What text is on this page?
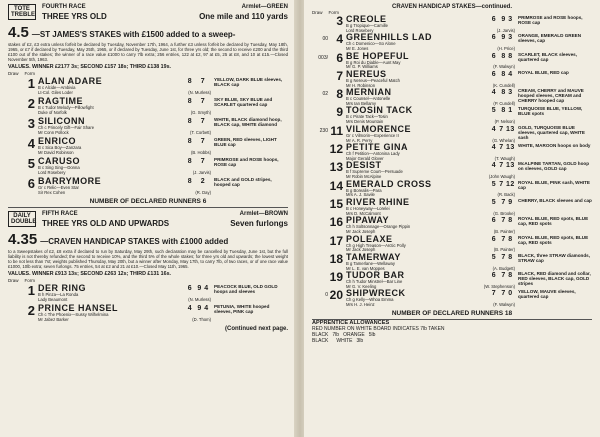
TOTE TREBLE
FOURTH RACE	Armlet—GREEN
THREE YRS OLD	One mile and 110 yards
4.5 —ST JAMES'S STAKES with £1500 added to a sweep-
stakes of £2, £3 extra unless forfeit be declared by Tuesday, November 17th, 1964, a further £3 unless forfeit be declared by Tuesday, May 18th, 1965, or £7 if declared by Tuesday, May 25th, 1965, or if declared by Tuesday, June 1st, for three yrs old; the second to receive £200 and the third £100 out of the stakes; the winner of a race value £1000 to carry 7lb extra; 256 entries, 122 at £2, 97 at £5, 25 at £8, and 10 at £15.—Closed November 5th, 1963.
VALUES. WINNER £2177 3s; SECOND £157 18s; THIRD £138 19s.
Draw Form
1 ALAN ADARE	8	7
B c Alcide—Ambivia
Lt-Col. Giles Loder	(N. Murless)
YELLOW, DARK BLUE sleeves, BLACK cap
2 RAGTIME	8	7
B c Tudor Melody—Pillowfight
Duke of Norfolk	(G. Smyth)
SKY BLUE, SKY BLUE and SCARLET quartered cap
3 SILICONN	8	7
Ch c Princely Gift—Fair Share
Mr Conn Pollock	(T. Corbett)
WHITE, BLACK diamond hoop, BLACK cap, WHITE diamond
4 ENRICO	8	7
B c Sica Boy—Zanzara
Mr David Robinson	(B. Hobbs)
GREEN, RED sleeves, LIGHT BLUE cap
5 CARUSO	8	7
B c Sing Sing—Donna
Lord Rosebery	(J. Jarvis)
PRIMROSE and ROSE hoops, ROSE cap
6 BARRYMORE	8	2
Gr c Relic—Even Star
Sir Rex Cohen	(R. Day)
BLACK and GOLD stripes, hooped cap
NUMBER OF DECLARED RUNNERS 6
DAILY DOUBLE
FIFTH RACE	Armlet—BROWN
THREE YRS OLD AND UPWARDS	Seven furlongs
4.35 —CRAVEN HANDICAP STAKES with £1000 added
to a Sweepstakes of £2, £8 extra if declared to run by Saturday, May 29th, such declaration may be cancelled by Tuesday, June 1st, but the full liability is not thereby refunded; the second to receive 10%, and the third 5% of the whole stakes; for three yrs old and upwards; the lowest weight to be not less than 7st; weights published Thursday, May 20th, but a winner after Monday, May 17th, to carry 7lb, of two races, or of one race value £1000, 10lb extra; seven furlongs. 75 entries, 54 at £2 and 21 at £10.—Closed May 11th, 1965.
VALUES. WINNER £913 13s; SECOND £263 12s; THIRD £131 16s.
Draw Form
1 DER RING	6 9 4
B h Pinza—La Ronda
Lady Beaumont	(N. Murless)
PEACOCK BLUE, OLD GOLD hoops and sleeves
2 PRINCE HANSEL	4 9 4
Ch c The Phoenix—Sussy Wilhelmina
Mr Jabez Barker	(D. Thom)
PETUNIA, WHITE hooped sleeves, PINK cap
(Continued next page.
CRAVEN HANDICAP STAKES—continued.
Draw Form
3 CREOLE	6 9 3
B g Tropique—Camille
Lord Rosebery	(J. Jarvis)
PRIMROSE and ROSE hoops, ROSE cap
00 4 GREENHILLS LAD	6 9 3
Ch c Domenico—So Alone
Mr E. Jones	(H. Price)
ORANGE, EMERALD GREEN sleeves, cap
003/ 6 BE HOPEFUL	6 8 8
B g Roi du Diable—Aunt May
Mr G. P. Williams	(F. Walwyn)
SCARLET, BLACK sleeves, quartered cap
7 NEREUS	6 8 4
B g Nereus—Peaceful Match
Mr H. Robinson	(K. Cundell)
ROYAL BLUE, RED cap
02 8 MERNIAN	4 8 3
B c Counsel—Antonelle
Mrs Ian Bellamy	(P. Cundell)
CREAM, CHERRY and MAUVE hooped sleeves, CREAM and CHERRY hooped cap
9 TOOSIN TACK	5 8 1
B c Pirate Tack—Tosin
Mrs Denis Mountain	(P. Nelson)
TURQUOISE BLUE, YELLOW, BLUE spots
230 11 VILMORENCE	4 7 13
Gr c Vilmorin—Experience II
Mr A. R. Perry	(G. Whelan)
GOLD, TURQUOISE BLUE sleeves, quartered cap, WHITE sash
12 PETITE GINA	4 7 13
Ch f Petition—Antonina Lady
Major Gerald Glover	(T. Waugh)
WHITE, MAROON hoops on body
13 DESIST	4 7 13
B f Supreme Court—Persuade
Mr Robin McAlpine	(John Waugh)
McALPINE TARTAN, GOLD hoop on sleeves, GOLD cap
14 EMERALD CROSS	5 7 12
B g Borealis—Para
Mrs A. J. Savile	(R. Back)
ROYAL BLUE, PINK sash, WHITE cap
15 RIVER RHINE	5 7 9
B c Honeyway—Lorelei
Mrs D. McCalmont	(G. Brooke)
CHERRY, BLACK sleeves and cap
16 PIPAWAY	6 7 8
Ch h Soltsonnage—Orange Pippin
Mr Jack Joseph	(B. Painter)
ROYAL BLUE, RED spots, BLUE cap, RED spots
17 POLEAXE	6 7 8
Ch g High Treason—Arctic Polly
Mr Jack Joseph	(B. Painter)
ROYAL BLUE, RED spots, BLUE cap, RED spots
18 TAMERWAY	5 7 8
B g Tamerlane—Wellaway
Mr L. E. van Moppes	(A. Budgett)
BLACK, three STRAW diamonds, STRAW cap
19 TUDOR BAR	6 7 8
Ch h Tudor Minstrel—Bar Line
Mr G. V. Keeling	(W. Stephenson)
BLACK, RED diamond and collar, RED sleeves, BLACK cap, GOLD stripes
0 20 SHIPWRECK	7 7 0
Ch g Kelly—Whoa Emma
Mrs H. J. Heinz	(F. Walwyn)
YELLOW, MAUVE sleeves, quartered cap
NUMBER OF DECLARED RUNNERS 18
APPRENTICE ALLOWANCES
RED NUMBER ON WHITE BOARD INDICATES 7lb TAKEN
BLACK 7lb ORANGE 5lb
BLACK WHITE 3lb
